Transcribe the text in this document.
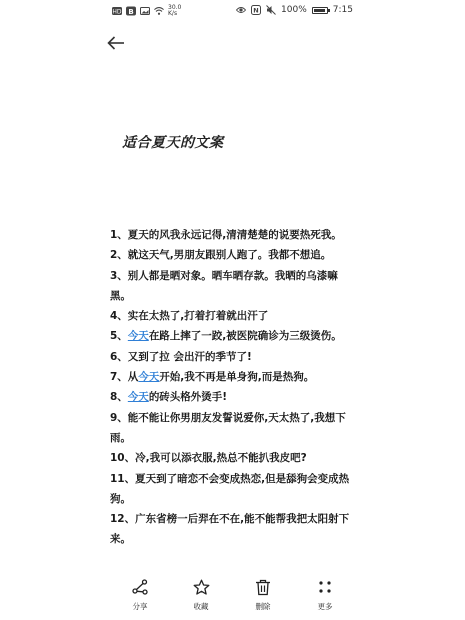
HD B
30.0
K/s	N 100%	7:15
适合夏天的文案
1、夏天的风我永远记得,清清楚楚的说要热死我。
2、就这天气,男朋友跟别人跑了。我都不想追。
3、别人都是晒对象。晒车晒存款。我晒的乌漆嘛
黑。
4、实在太热了,打着打着就出汗了
5、今天在路上摔了一跤,被医院确诊为三级烫伤。
6、又到了拉 会出汗的季节了!
7、从今天开始,我不再是单身狗,而是热狗。
8、今天的砖头格外烫手!
9、能不能让你男朋友发誓说爱你,天太热了,我想下
雨。
10、冷,我可以添衣服,热总不能扒我皮吧?
11、夏天到了暗恋不会变成热恋,但是舔狗会变成热
狗。
12、广东省榜一后羿在不在,能不能帮我把太阳射下
来。
分享	收藏	删除	更多
